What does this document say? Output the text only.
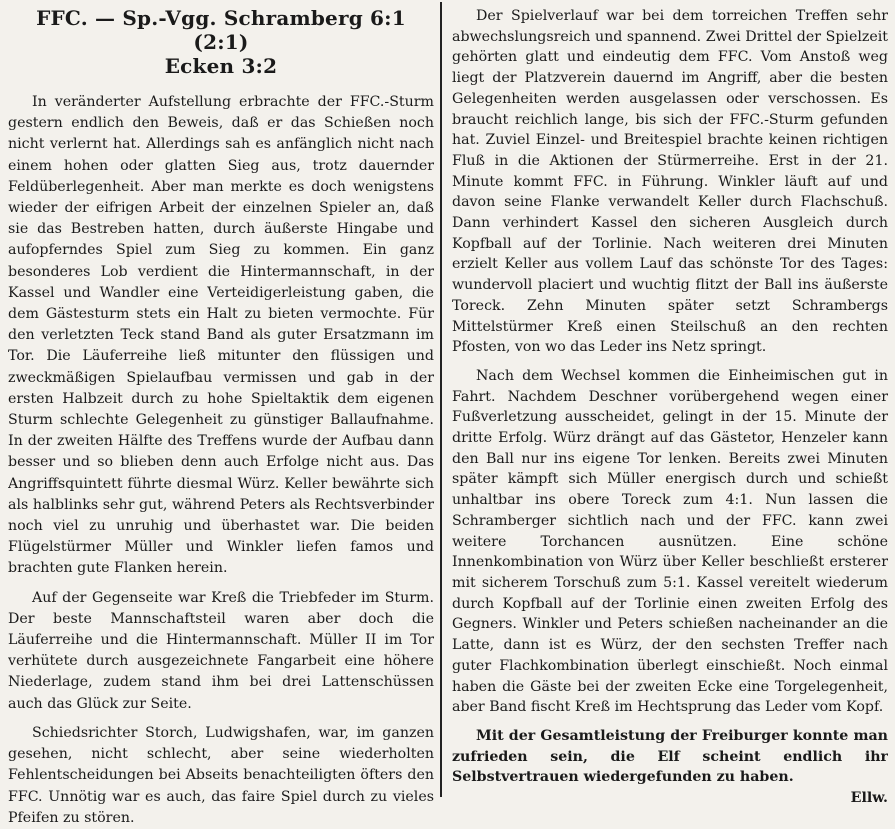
FFC. — Sp.-Vgg. Schramberg 6:1 (2:1)
Ecken 3:2

In veränderter Aufstellung erbrachte der FFC.-Sturm gestern endlich den Beweis, daß er das Schießen noch nicht verlernt hat. Allerdings sah es anfänglich nicht nach einem hohen oder glatten Sieg aus, trotz dauernder Feldüberlegenheit. Aber man merkte es doch wenigstens wieder der eifrigen Arbeit der einzelnen Spieler an, daß sie das Bestreben hatten, durch äußerste Hingabe und aufopferndes Spiel zum Sieg zu kommen. Ein ganz besonderes Lob verdient die Hintermannschaft, in der Kassel und Wandler eine Verteidigerleistung gaben, die dem Gästesturm stets ein Halt zu bieten vermochte. Für den verletzten Teck stand Band als guter Ersatzmann im Tor. Die Läuferreihe ließ mitunter den flüssigen und zweckmäßigen Spielaufbau vermissen und gab in der ersten Halbzeit durch zu hohe Spieltaktik dem eigenen Sturm schlechte Gelegenheit zu günstiger Ballaufnahme. In der zweiten Hälfte des Treffens wurde der Aufbau dann besser und so blieben denn auch Erfolge nicht aus. Das Angriffsquintett führte diesmal Würz. Keller bewährte sich als halblinks sehr gut, während Peters als Rechtsverbinder noch viel zu unruhig und überhastet war. Die beiden Flügelstürmer Müller und Winkler liefen famos und brachten gute Flanken herein.

Auf der Gegenseite war Kreß die Triebfeder im Sturm. Der beste Mannschaftsteil waren aber doch die Läuferreihe und die Hintermannschaft. Müller II im Tor verhütete durch ausgezeichnete Fangarbeit eine höhere Niederlage, zudem stand ihm bei drei Lattenschüssen auch das Glück zur Seite.

Schiedsrichter Storch, Ludwigshafen, war, im ganzen gesehen, nicht schlecht, aber seine wiederholten Fehlentscheidungen bei Abseits benachteiligten öfters den FFC. Unnötig war es auch, das faire Spiel durch zu vieles Pfeifen zu stören.

Der Spielverlauf war bei dem torreichen Treffen sehr abwechslungsreich und spannend. Zwei Drittel der Spielzeit gehörten glatt und eindeutig dem FFC. Vom Anstoß weg liegt der Platzverein dauernd im Angriff, aber die besten Gelegenheiten werden ausgelassen oder verschossen. Es braucht reichlich lange, bis sich der FFC.-Sturm gefunden hat. Zuviel Einzel- und Breitespiel brachte keinen richtigen Fluß in die Aktionen der Stürmerreihe. Erst in der 21. Minute kommt FFC. in Führung. Winkler läuft auf und davon seine Flanke verwandelt Keller durch Flachschuß. Dann verhindert Kassel den sicheren Ausgleich durch Kopfball auf der Torlinie. Nach weiteren drei Minuten erzielt Keller aus vollem Lauf das schönste Tor des Tages: wundervoll placiert und wuchtig flitzt der Ball ins äußerste Toreck. Zehn Minuten später setzt Schrambergs Mittelstürmer Kreß einen Steilschuß an den rechten Pfosten, von wo das Leder ins Netz springt.

Nach dem Wechsel kommen die Einheimischen gut in Fahrt. Nachdem Deschner vorübergehend wegen einer Fußverletzung ausscheidet, gelingt in der 15. Minute der dritte Erfolg. Würz drängt auf das Gästetor, Henzeler kann den Ball nur ins eigene Tor lenken. Bereits zwei Minuten später kämpft sich Müller energisch durch und schießt unhaltbar ins obere Toreck zum 4:1. Nun lassen die Schramberger sichtlich nach und der FFC. kann zwei weitere Torchancen ausnützen. Eine schöne Innenkombination von Würz über Keller beschließt ersterer mit sicherem Torschuß zum 5:1. Kassel vereitelt wiederum durch Kopfball auf der Torlinie einen zweiten Erfolg des Gegners. Winkler und Peters schießen nacheinander an die Latte, dann ist es Würz, der den sechsten Treffer nach guter Flachkombination überlegt einschießt. Noch einmal haben die Gäste bei der zweiten Ecke eine Torgelegenheit, aber Band fischt Kreß im Hechtsprung das Leder vom Kopf.

Mit der Gesamtleistung der Freiburger konnte man zufrieden sein, die Elf scheint endlich ihr Selbstvertrauen wiedergefunden zu haben.

Ellw.
